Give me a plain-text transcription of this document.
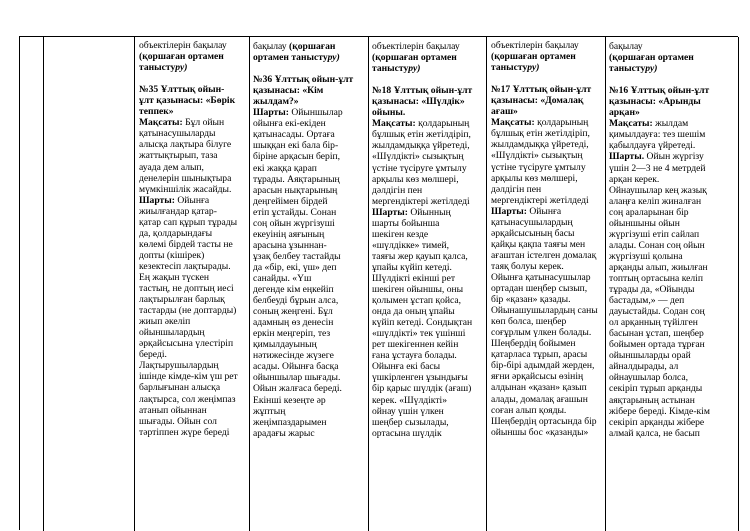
объектілерін бақылау
(қоршаған ортамен
таныстуру)

№35 Ұлттық ойын-
ұлт қазынасы: «Бөрік
теппек»
Мақсаты: Бұл ойын
қатынасушыларды
алысқа лақтыра білуге
жаттықтырып, таза
ауада дем алып,
денелерін шынықтыра
мүмкіншілік жасайды.
Шарты: Ойынға
жиылғандар қатар-
қатар сап құрып тұрады
да, қолдарындағы
көлемі бірдей тасты не
допты (кішірек)
кезектесіп лақтырады.
Ең жақын түскен
тастың, не доптың иесі
лақтырылған барлық
тастарды (не доптарды)
жиып әкеліп
ойыншылардың
әрқайсысына үлестіріп
береді.
Лақтырушылардың
ішінде кімде-кім үш рет
барлығынан алысқа
лақтырса, сол жеңімпаз
атанып ойыннан
шығады. Ойын сол
тәртіппен жүре береді
бақылау (қоршаған
ортамен таныстуру)

№36 Ұлттық ойын-ұлт
қазынасы: «Кім
жылдам?»
Шарты: Ойыншылар
ойынға екі-екіден
қатынасады. Ортаға
шыққан екі бала бір-
біріне арқасын беріп,
екі жаққа қарап
тұрады. Аяқтарының
арасын нықтарының
деңгейімен бірдей
етіп ұстайды. Сонан
соң ойын жүргізуші
екеуінің аяғының
арасына ұзыннан-
ұзақ белбеу тастайды
да «бір, екі, үш» деп
санайды. «Үш
дегенде кім еңкейіп
белбеуді бұрын алса,
соның жеңгені. Бұл
адамның өз денесін
еркін меңгеріп, тез
қимылдауының
нәтижесінде жүзеге
асады. Ойынға басқа
ойыншылар шығады.
Ойын жалғаса береді.
Екінші кезеңте әр
жұптың
жеңімпаздарымен
арадағы жарыс
объектілерін бақылау
(қоршаған ортамен
таныстуру)

№18 Ұлттық ойын-ұлт
қазынасы: «Шүлдік»
ойыны.
Мақсаты: қолдарының
бұлшық етін жетілдіріп,
жылдамдыққа үйретеді,
«Шүлдікті» сызықтың
үстіне түсіруге ұмтылу
арқылы көз мөлшері,
дәлдігін пен
мергендіктері жетілдеді
Шарты: Ойынның
шарты бойынша
шекіген кезде
«шүлдікке» тимей,
таяғы жер қауып қалса,
ұпайы күйіп кетеді.
Шүлдікті екінші рет
шекіген ойыншы, оны
қолымен ұстап қойса,
онда да оның ұпайы
күйіп кетеді. Сондықтан
«шүлдікті» тек үшінші
рет шекігеннен кейін
ғана ұстауға болады.
Ойынға екі басы
үшкірленген ұзындығы
бір қарыс шүлдік (ағаш)
керек. «Шүлдікті»
ойнау үшін үлкен
шеңбер сызылады,
ортасына шүлдік
объектілерін бақылау
(қоршаған ортамен
таныстуру)

№17 Ұлттық ойын-ұлт
қазынасы: «Домалақ
ағаш»
Мақсаты: қолдарының
бұлшық етін жетілдіріп,
жылдамдыққа үйретеді,
«Шүлдікті» сызықтың
үстіне түсіруге ұмтылу
арқылы көз мөлшері,
дәлдігін пен
мергендіктері жетілдеді
Шарты: Ойынға
қатынасушылардың
әрқайсысының басы
қайқы қақпа таяғы мен
ағаштан істелген домалақ
таяқ болуы керек.
Ойынға қатынасушылар
ортадан шеңбер сызып,
бір «қазан» қазады.
Ойынашушылардың саны
көп болса, шеңбер
соғұрлым үлкен болады.
Шеңбердің бойымен
қатарласа тұрып, арасы
бір-бірі адымдай жерден,
яғни әрқайсысы өзінің
алдынан «қазан» қазып
алады, домалақ ағашын
соған алып қояды.
Шеңбердің ортасында бір
ойыншы бос «қазанды»
бақылау
(қоршаған ортамен
таныстуру)

№16 Ұлттық ойын-ұлт
қазынасы: «Арынды
арқан»
Мақсаты: жылдам
қимылдауға: тез шешім
қабылдауға үйретеді.
Шарты. Ойын жүргізу
үшін 2—3 не 4 метрдей
арқан керек.
Ойнаушылар кең жазық
алаңға келіп жиналған
соң араларынан бір
ойыншыны ойын
жүргізуші етіп сайлап
алады. Сонан соң ойын
жүргізуші қолына
арқанды алып, жиылған
топтың ортасына келіп
тұрады да, «Ойынды
бастадым,» — деп
дауыстайды. Содан соң
ол арқанның түйілген
басынан ұстап, шеңбер
бойымен ортада тұрған
ойыншыларды орай
айналдырады, ал
ойнаушылар болса,
секіріп тұрып арқанды
аяқтарының астынан
жібере береді. Кімде-кім
секіріп арқанды жібере
алмай қалса, не басып
